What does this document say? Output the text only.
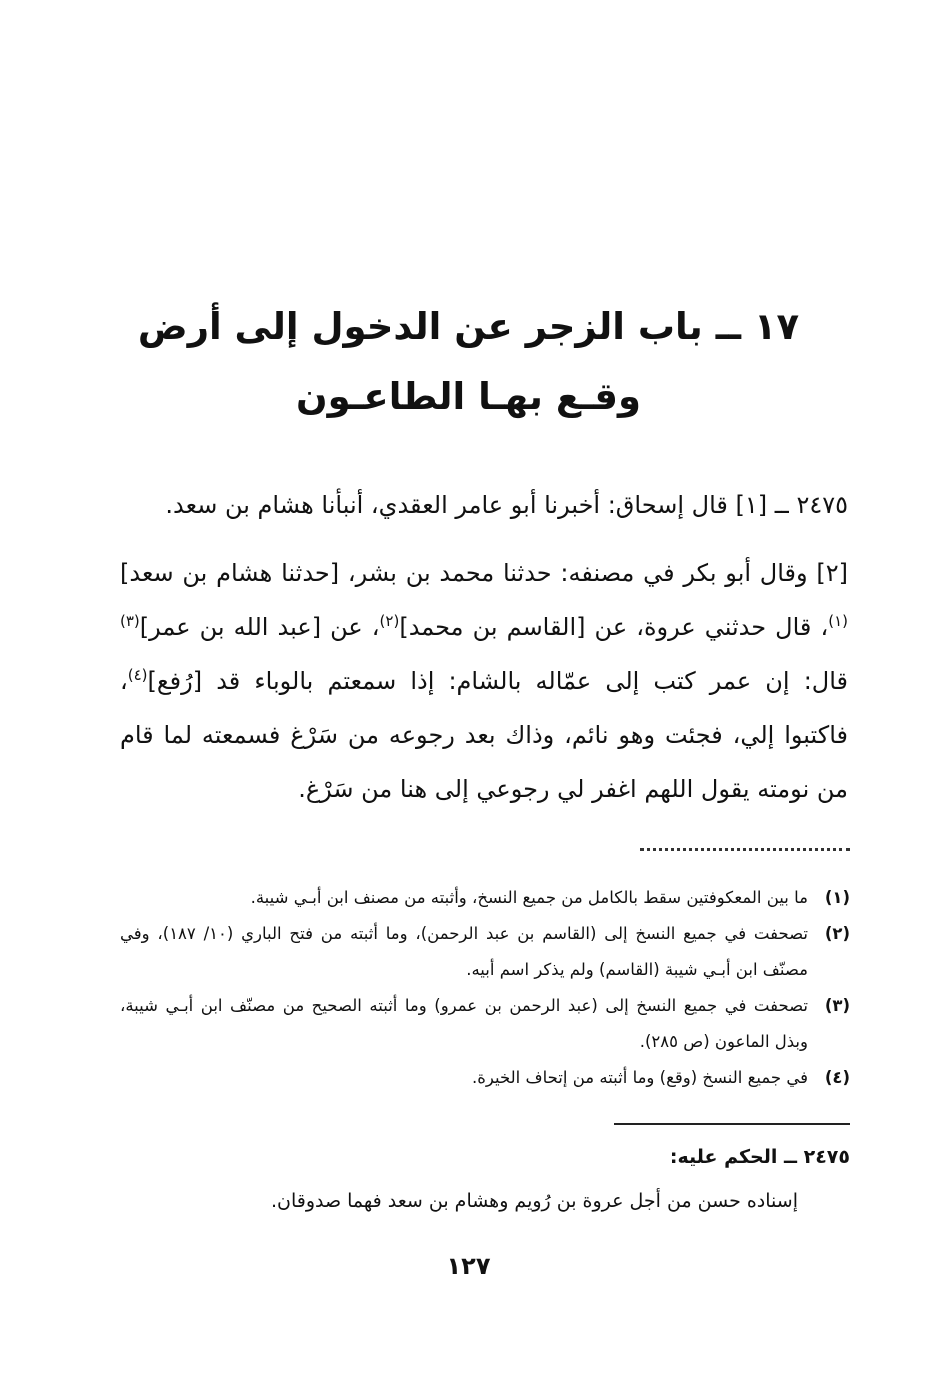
١٧ ــ باب الزجر عن الدخول إلى أرض
وقـع بهـا الطاعـون

٢٤٧٥ ــ [١] قال إسحاق: أخبرنا أبو عامر العقدي، أنبأنا هشام بن سعد.

[٢] وقال أبو بكر في مصنفه: حدثنا محمد بن بشر، [حدثنا هشام بن سعد]$^{(١)}$، قال حدثني عروة، عن [القاسم بن محمد]$^{(٢)}$، عن [عبد الله بن عمر]$^{(٣)}$ قال: إن عمر كتب إلى عمّاله بالشام: إذا سمعتم بالوباء قد [رُفع]$^{(٤)}$، فاكتبوا إلي، فجئت وهو نائم، وذاك بعد رجوعه من سَرْغ فسمعته لما قام من نومته يقول اللهم اغفر لي رجوعي إلى هنا من سَرْغ.

(١)
ما بين المعكوفتين سقط بالكامل من جميع النسخ، وأثبته من مصنف ابن أبـي شيبة.
(٢)
تصحفت في جميع النسخ إلى (القاسم بن عبد الرحمن)، وما أثبته من فتح الباري (١٠/ ١٨٧)، وفي مصنّف ابن أبـي شيبة (القاسم) ولم يذكر اسم أبيه.
(٣)
تصحفت في جميع النسخ إلى (عبد الرحمن بن عمرو) وما أثبته الصحيح من مصنّف ابن أبـي شيبة، وبذل الماعون (ص ٢٨٥).
(٤)
في جميع النسخ (وقع) وما أثبته من إتحاف الخيرة.
٢٤٧٥ ــ الحكم عليه:
إسناده حسن من أجل عروة بن رُويم وهشام بن سعد فهما صدوقان.
١٢٧
